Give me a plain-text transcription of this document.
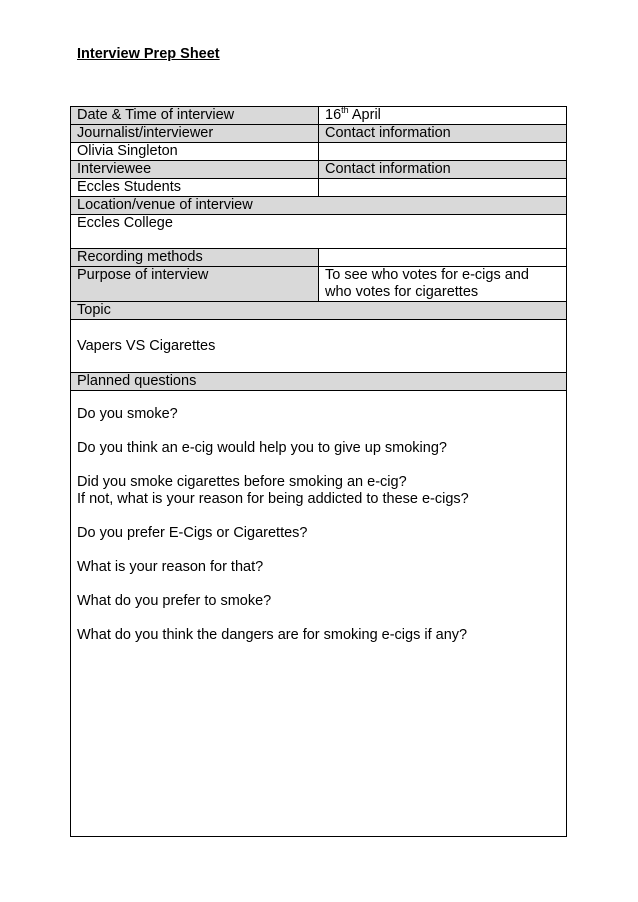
Interview Prep Sheet
Date & Time of interview	16th April
Journalist/interviewer	Contact information
Olivia Singleton
Interviewee	Contact information
Eccles Students
Location/venue of interview
Eccles College
Recording methods
Purpose of interview	To see who votes for e-cigs and
who votes for cigarettes
Topic
Vapers VS Cigarettes
Planned questions

Do you smoke?

Do you think an e-cig would help you to give up smoking?

Did you smoke cigarettes before smoking an e-cig?

If not, what is your reason for being addicted to these e-cigs?

Do you prefer E-Cigs or Cigarettes?

What is your reason for that?

What do you prefer to smoke?

What do you think the dangers are for smoking e-cigs if any?
